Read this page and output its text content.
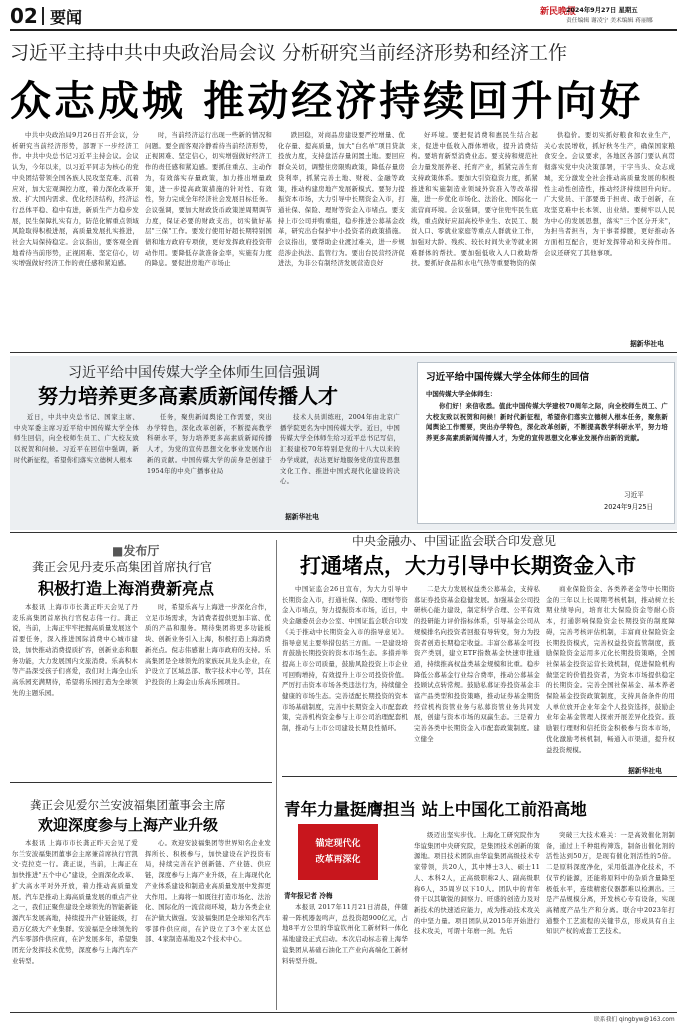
02 要闻	新民晚报
2024年9月27日 星期五
责任编辑 谢凌宁 美术编辑 蒋丽娜
习近平主持中共中央政治局会议 分析研究当前经济形势和经济工作
众志成城 推动经济持续回升向好
中共中央政治局9月26日召开会议，分析研究当前经济形势，部署下一步经济工作。中共中央总书记习近平主持会议。会议认为，今年以来，以习近平同志为核心的党中央团结带领全国各族人民攻坚克难、沉着应对，加大宏观调控力度，着力深化改革开放、扩大国内需求、优化经济结构，经济运行总体平稳、稳中有进，新质生产力稳步发展，民生保障扎实有力，防范化解重点领域风险取得积极进展，高质量发展扎实推进，社会大局保持稳定。会议指出，要客观全面地看待当前形势，正视困难、坚定信心，切实增强做好经济工作的责任感和紧迫感。
时，当前经济运行出现一些新的情况和问题。要全面客观冷静看待当前经济形势，正视困难、坚定信心，切实增强做好经济工作的责任感和紧迫感。要抓住重点、主动作为，有效落实存量政策，加力推出增量政策，进一步提高政策措施的针对性、有效性，努力完成全年经济社会发展目标任务。会议强调，要加大财政货币政策逆周期调节力度，保证必要的财政支出，切实做好基层"三保"工作。要发行使用好超长期特别国债和地方政府专项债，更好发挥政府投资带动作用。要降低存款准备金率，实施有力度的降息。要促进房地产市场止
跌回稳，对商品房建设要严控增量、优化存量、提高质量，加大"白名单"项目贷款投放力度，支持盘活存量闲置土地。要回应群众关切，调整住房限购政策，降低存量房贷利率，抓紧完善土地、财税、金融等政策，推动构建房地产发展新模式。要努力提振资本市场，大力引导中长期资金入市，打通社保、保险、理财等资金入市堵点。要支持上市公司并购重组，稳步推进公募基金改革，研究出台保护中小投资者的政策措施。会议指出，要帮助企业渡过难关，进一步规范涉企执法、监管行为。要出台民营经济促进法，为非公有制经济发展营造良好
好环境。要把促消费和惠民生结合起来，促进中低收入群体增收，提升消费结构。要培育新型消费业态。要支持和规范社会力量发展养老、托育产业，抓紧完善生育支持政策体系。要加大引资稳资力度，抓紧推进和实施制造业领域外资准入等改革措施，进一步优化市场化、法治化、国际化一流营商环境。会议强调，要守住兜牢民生底线，重点做好应届高校毕业生、农民工、脱贫人口、零就业家庭等重点人群就业工作，加强对大龄、残疾、较长时间失业等就业困难群体的帮扶。要加强低收入人口救助帮扶。要抓好食品和水电气热等重要物资的保
供稳价。要切实抓好粮食和农业生产，关心农民增收，抓好秋冬生产，确保国家粮食安全。会议要求，各地区各部门要认真贯彻落实党中央决策部署，干字当头、众志成城，充分激发全社会推动高质量发展的积极性主动性创造性，推动经济持续回升向好。广大党员、干部要勇于担责、敢于创新，在攻坚克难中长本领、出业绩。要树牢以人民为中心的发展思想，落实"三个区分开来"，为担当者担当，为干事者撑腰，更好推动各方面相互配合，更好发挥带动和支持作用。会议还研究了其他事项。
据新华社电
习近平给中国传媒大学全体师生回信强调
努力培养更多高素质新闻传播人才
近日，中共中央总书记、国家主席、中央军委主席习近平给中国传媒大学全体师生回信，向全校师生员工、广大校友致以祝贺和问候。习近平在回信中强调，新时代新征程，希望你们落实立德树人根本
任务，聚焦新闻舆论工作需要，突出办学特色，深化改革创新，不断提高教学科研水平，努力培养更多高素质新闻传播人才，为党的宣传思想文化事业发展作出新的贡献。中国传媒大学的前身是创建于1954年的中央广播事业局
技术人员训练班，2004年由北京广播学院更名为中国传媒大学。近日，中国传媒大学全体师生给习近平总书记写信，汇报建校70年特别是党的十八大以来的办学成就，表达更好地服务党的宣传思想文化工作、推进中国式现代化建设的决心。
据新华社电
习近平给中国传媒大学全体师生的回信
中国传媒大学全体师生：
你们好！来信收悉。值此中国传媒大学建校70周年之际，向全校师生员工、广大校友致以祝贺和问候！新时代新征程，希望你们落实立德树人根本任务，聚焦新闻舆论工作需要，突出办学特色，深化改革创新，不断提高教学科研水平，努力培养更多高素质新闻传播人才，为党的宣传思想文化事业发展作出新的贡献。
习近平
2024年9月25日
■发布厅
龚正会见丹麦乐高集团首席执行官
积极打造上海消费新亮点
本报讯 上海市市长龚正昨天会见了丹麦乐高集团首席执行官倪志伟一行。龚正说，当前，上海正牢牢把握高质量发展这个首要任务，深入推进国际消费中心城市建设，加快推动消费提质扩容，创新业态和服务功能，大力发展国内文旅消费。乐高积木等产品深受孩子们喜爱，我们对上海全山乐高乐园充满期待，希望将乐园打造为全球领先的主题乐园。
时，希望乐高与上海进一步深化合作，立足市场需求，为消费者提供更加丰富、优质的产品和服务。期待集团将更多功能板块、创新业务引入上海，积极打造上海消费新亮点。倪志伟感谢上海市政府的支持。乐高集团是全球领先的家族玩具龙头企业，在沪设立了区域总部、数字技术中心等，其在沪投资的上海金山乐高乐园项目。
中央金融办、中国证监会联合印发意见
打通堵点，大力引导中长期资金入市
中国证监会26日宣布，为大力引导中长期资金入市，打通社保、保险、理财等资金入市堵点，努力提振资本市场，近日，中央金融委员会办公室、中国证监会联合印发《关于推动中长期资金入市的指导意见》。指导意见主要举措包括三方面。一是建设培育鼓励长期投资的资本市场生态。多措并举提高上市公司质量，鼓励风险投资上市企业可回购增持，有效提升上市公司投资价值。严厉打击资本市场各类违法行为，持续健全健康的市场生态。完善适配长期投资的资本市场基础制度，完善中长期资金入市配套政策，完善机构资金参与上市公司治理配套机制，推动与上市公司建设长期良性循环。
二是大力发展权益类公募基金，支持私募证券投资基金稳健发展。加强基金公司投研核心能力建设，制定科学合理、公平有效的投研能力评价指标体系，引导基金公司从规模排名向投资者回报有导转变，努力为投资者创造长期稳定收益。丰富公募基金可投资产类别，建立ETF指数基金快速审批通道，持续推高权益类基金规模和比重。稳步降低公募基金行业综合费率，推动公募基金投顾试点转常规。鼓励私募证券投资基金丰富产品类型和投资策略，推动证券基金期货经营机构资管业务与私募资管业务共同发展，创建与资本市场的双赢生态。三是着力完善各类中长期资金入市配套政策制度。建立健全
商业保险资金、各类养老金等中长期资金的三年以上长周期考核机制，推动树立长期业绩导向，培育壮大保险资金等耐心资本，打通影响保险资金长期投资的制度障碍，完善考核评估机制，丰富商业保险资金长期投资模式，完善权益投资监管制度，鼓励保险资金运用多元化长期投资策略，全国社保基金投资运营长效机制，促进保险机构做坚定的价值投资者，为资本市场提供稳定的长期资金。完善全国社保基金、基本养老保险基金投资政策制度，支持具备条件的用人单位放开企业年金个人投资选择，鼓励企业年金基金管理人探索开展差异化投资。鼓励银行理财和信托资金积极参与资本市场，优化激励考核机制，畅通入市渠道，提升权益投资规模。
据新华社电
龚正会见爱尔兰安波福集团董事会主席
欢迎深度参与上海产业升级
本报讯 上海市市长龚正昨天会见了爱尔兰安波福集团董事会主席兼首席执行官凯文·克拉克一行。龚正说，当前，上海正在加快推进"五个中心"建设，全面深化改革、扩大高水平对外开放，着力推动高质量发展。汽车是推动上海高质量发展的重点产业之一，我们正聚焦建设全球领先的智能新能源汽车发展高地，持续提升产业链能级，打造万亿级大产业集群。安波福是全球领先的汽车零部件供应商，在沪发展多年，希望集团充分发挥技术优势，深度参与上海汽车产业转型。
心。欢迎安波福集团等世界知名企业发挥所长、积极参与，加快建设在沪投资布局，持续完善在沪创新链、产业链、供应链，深度参与上海产业升级，在上海现代化产业体系建设和制造业高质量发展中发挥更大作用。上海将一如既往打造市场化、法治化、国际化的一流营商环境，助力各类企业在沪做大做强。安波福集团是全球知名汽车零部件供应商，在沪设立了3个亚太区总部、4家制造基地及2个技术中心。
青年力量挺膺担当 站上中国化工前沿高地
锚定现代化
改革再深化
青年报记者 冷梅
本报讯 2017年11月21日清晨，伴随着一阵机器轰鸣声，总投资超900亿元，占地8平方公里的华谊钦州化工新材料一体化基地建设正式启动。本次启动标志着上海华谊集团从基础石油化工产业向高端化工新材料转型升级。
级迈出坚实步伐。上海化工研究院作为华谊集团中央研究院，是集团技术创新的策源地。项目技术团队由华谊集团高级技术专家带领，共20人，其中博士3人、硕士11人、本科2人，正高级职称2人、副高级职称6人，35周岁以下10人。团队中的青年骨干以其敏锐的洞察力、旺盛的创造力及对新技术的快速适应能力，成为推动技术攻关的中坚力量。项目团队从2015年开始进行技术攻关，可谓十年磨一剑。先后
突破三大技术难关：一是高效催化剂制备，通过上千种组构筛选，制备出催化剂的活性达到50万，是现有催化剂活性的5倍。二是原料深度净化，采用低温净化技术，不仅节约能源，还能将原料中的杂质含量降至极低水平，连续精密仪器都难以检测出。三是产品规模分离，开发核心专有设备，实现高精度产品生产和分离。联合中2023年打通整个工艺流程的关键节点，形成具有自主知识产权的成套工艺技术。
联系我们 qingbyw@163.com
